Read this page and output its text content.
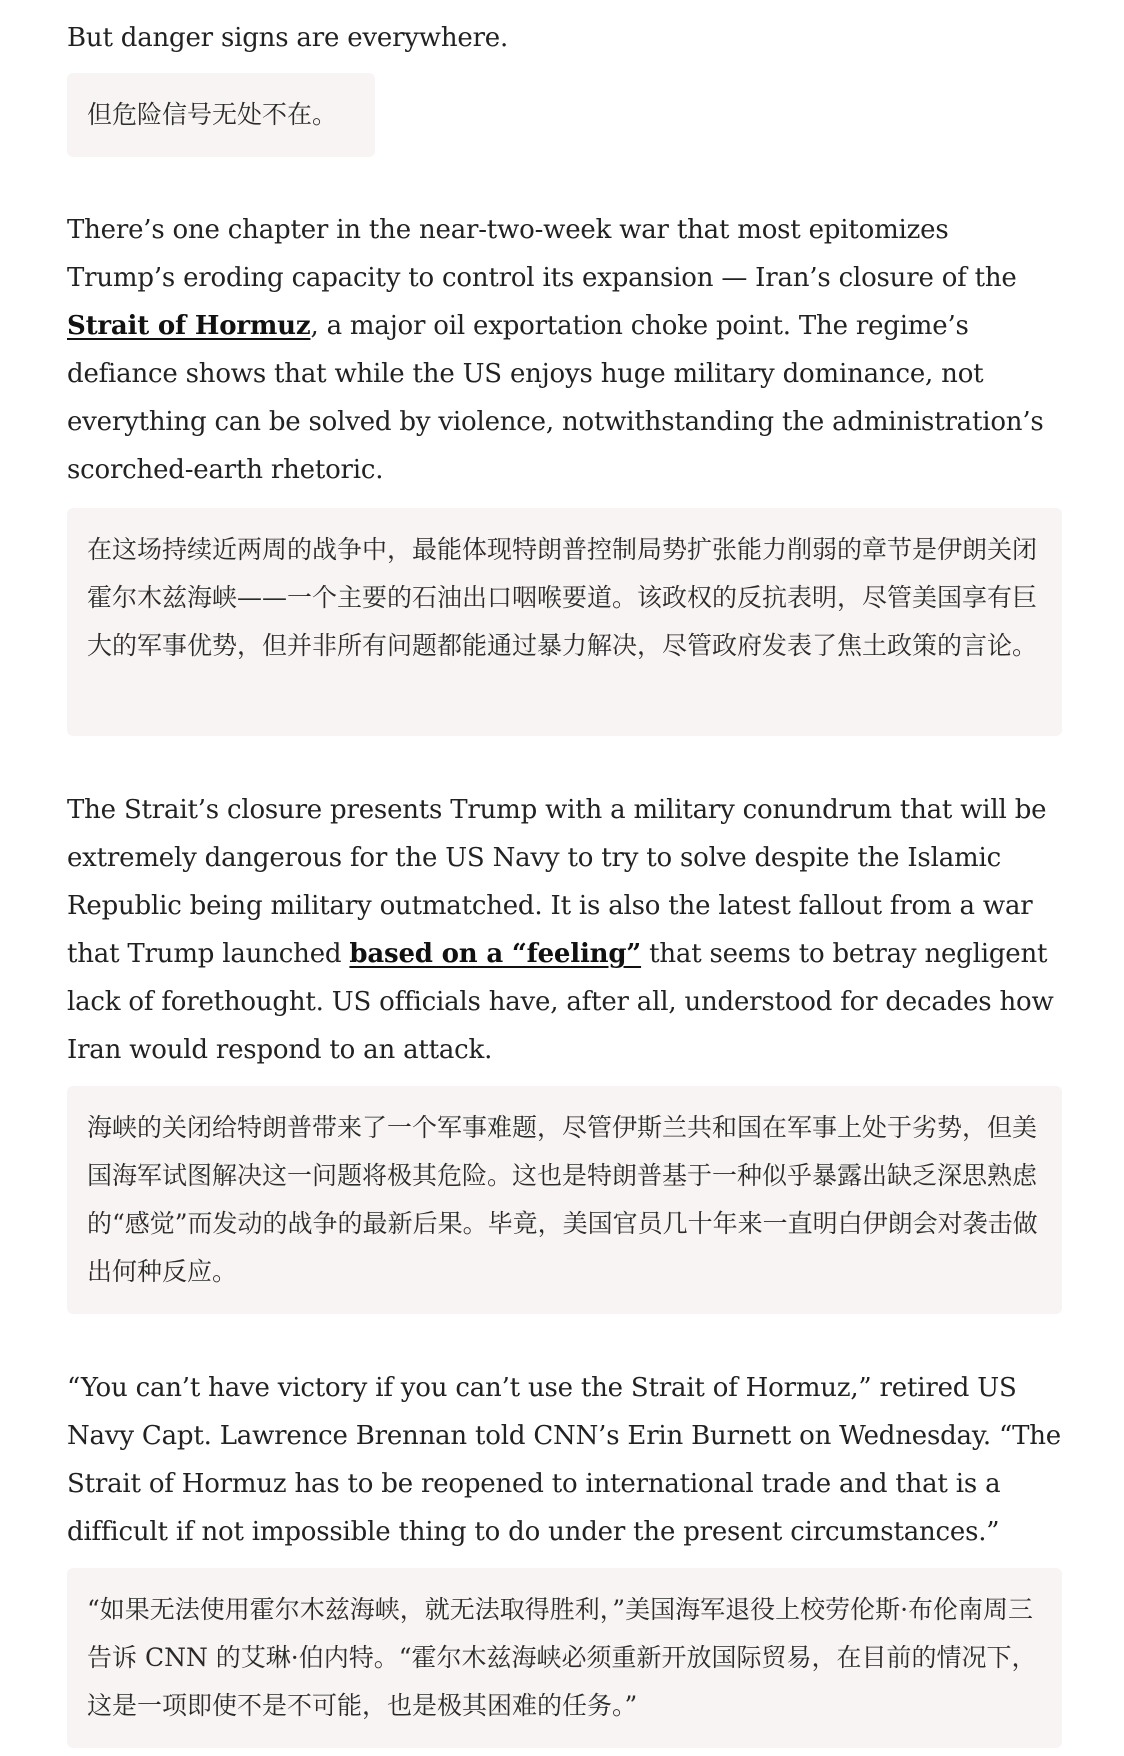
But danger signs are everywhere.

但危险信号无处不在。

There’s one chapter in the near-two-week war that most epitomizes Trump’s eroding capacity to control its expansion — Iran’s closure of the Strait of Hormuz, a major oil exportation choke point. The regime’s defiance shows that while the US enjoys huge military dominance, not everything can be solved by violence, notwithstanding the administration’s scorched-earth rhetoric.

在这场持续近两周的战争中，最能体现特朗普控制局势扩张能力削弱的章节是伊朗关闭霍尔木兹海峡——一个主要的石油出口咽喉要道。该政权的反抗表明，尽管美国享有巨大的军事优势，但并非所有问题都能通过暴力解决，尽管政府发表了焦土政策的言论。

The Strait’s closure presents Trump with a military conundrum that will be extremely dangerous for the US Navy to try to solve despite the Islamic Republic being military outmatched. It is also the latest fallout from a war that Trump launched based on a “feeling” that seems to betray negligent lack of forethought. US officials have, after all, understood for decades how Iran would respond to an attack.

海峡的关闭给特朗普带来了一个军事难题，尽管伊斯兰共和国在军事上处于劣势，但美国海军试图解决这一问题将极其危险。这也是特朗普基于一种似乎暴露出缺乏深思熟虑的“感觉”而发动的战争的最新后果。毕竟，美国官员几十年来一直明白伊朗会对袭击做出何种反应。

“You can’t have victory if you can’t use the Strait of Hormuz,” retired US Navy Capt. Lawrence Brennan told CNN’s Erin Burnett on Wednesday. “The Strait of Hormuz has to be reopened to international trade and that is a difficult if not impossible thing to do under the present circumstances.”

“如果无法使用霍尔木兹海峡，就无法取得胜利，”美国海军退役上校劳伦斯·布伦南周三告诉 CNN 的艾琳·伯内特。“霍尔木兹海峡必须重新开放国际贸易，在目前的情况下，这是一项即使不是不可能，也是极其困难的任务。”
